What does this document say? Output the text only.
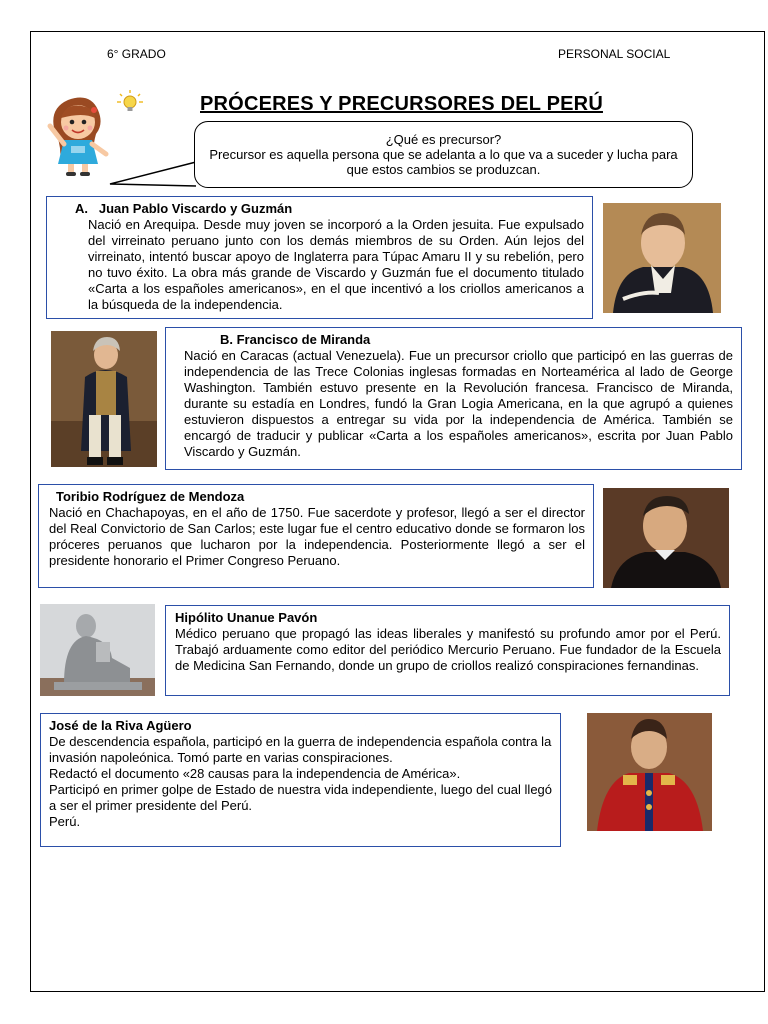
6° GRADO	PERSONAL SOCIAL
PRÓCERES Y PRECURSORES DEL PERÚ
¿Qué es precursor?
Precursor es aquella persona que se adelanta a lo que va a suceder y lucha para que estos cambios se produzcan.

A. Juan Pablo Viscardo y Guzmán

Nació en Arequipa. Desde muy joven se incorporó a la Orden jesuita. Fue expulsado del virreinato peruano junto con los demás miembros de su Orden. Aún lejos del virreinato, intentó buscar apoyo de Inglaterra para Túpac Amaru II y su rebelión, pero no tuvo éxito. La obra más grande de Viscardo y Guzmán fue el documento titulado «Carta a los españoles americanos», en el que incentivó a los criollos americanos a la búsqueda de la independencia.

B. Francisco de Miranda

Nació en Caracas (actual Venezuela). Fue un precursor criollo que participó en las guerras de independencia de las Trece Colonias inglesas formadas en Norteamérica al lado de George Washington. También estuvo presente en la Revolución francesa. Francisco de Miranda, durante su estadía en Londres, fundó la Gran Logia Americana, en la que agrupó a quienes estuvieron dispuestos a entregar su vida por la independencia de América. También se encargó de traducir y publicar «Carta a los españoles americanos», escrita por Juan Pablo Viscardo y Guzmán.

Toribio Rodríguez de Mendoza

Nació en Chachapoyas, en el año de 1750. Fue sacerdote y profesor, llegó a ser el director del Real Convictorio de San Carlos; este lugar fue el centro educativo donde se formaron los próceres peruanos que lucharon por la independencia. Posteriormente llegó a ser el presidente honorario el Primer Congreso Peruano.

Hipólito Unanue Pavón

Médico peruano que propagó las ideas liberales y manifestó su profundo amor por el Perú. Trabajó arduamente como editor del periódico Mercurio Peruano. Fue fundador de la Escuela de Medicina San Fernando, donde un grupo de criollos realizó conspiraciones fernandinas.

José de la Riva Agüero

De descendencia española, participó en la guerra de independencia española contra la invasión napoleónica. Tomó parte en varias conspiraciones.

Redactó el documento «28 causas para la independencia de América».

Participó en primer golpe de Estado de nuestra vida independiente, luego del cual llegó a ser el primer presidente del Perú.

Perú.
